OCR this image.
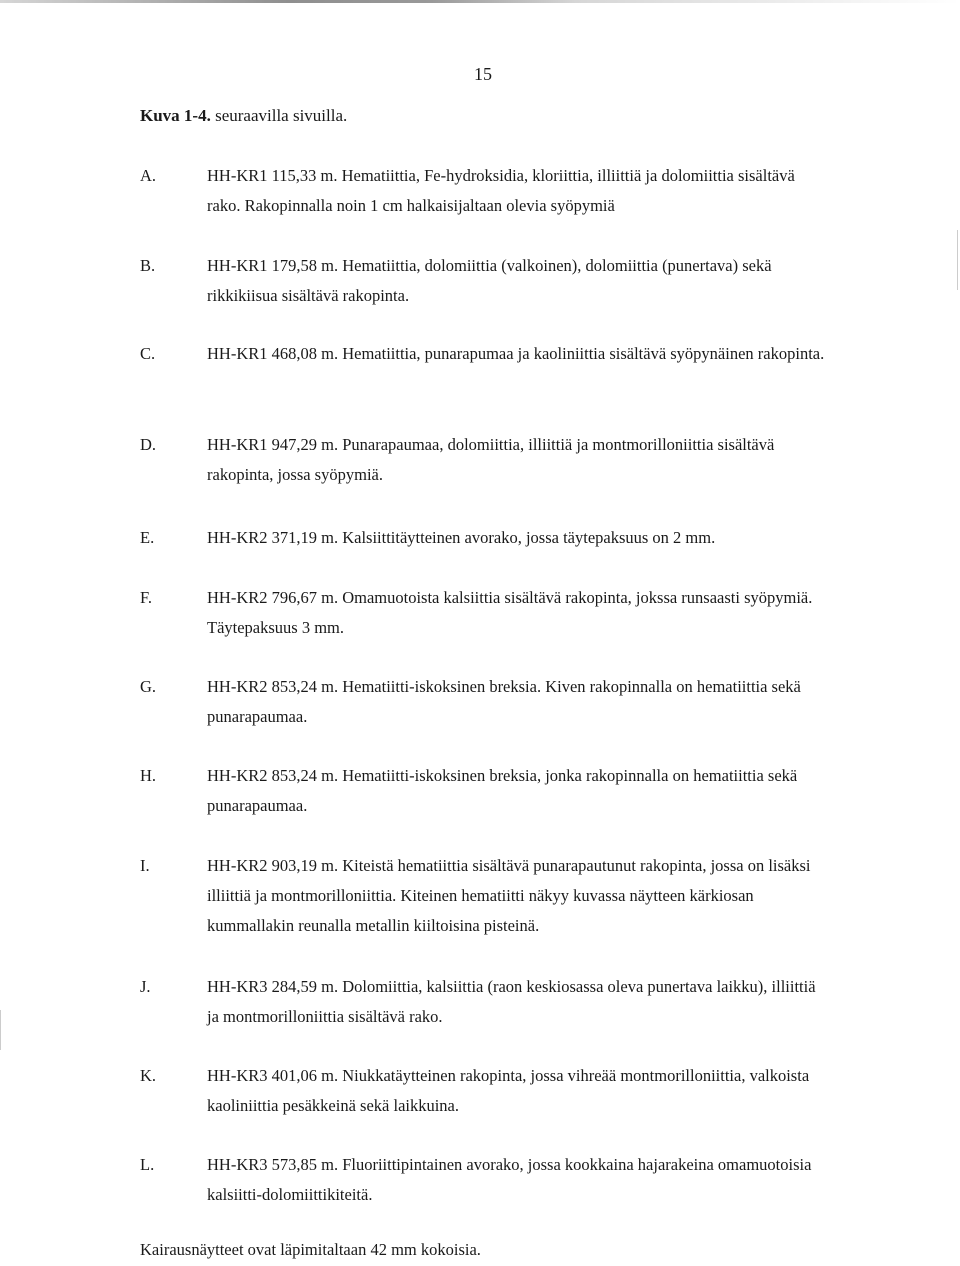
15
Kuva 1-4. seuraavilla sivuilla.
A.	HH-KR1 115,33 m. Hematiittia, Fe-hydroksidia, kloriittia, illiittiä ja dolomiittia sisältävä rako. Rakopinnalla noin 1 cm halkaisijaltaan olevia syöpymiä
B.	HH-KR1 179,58 m. Hematiittia, dolomiittia (valkoinen), dolomiittia (punertava) sekä rikkikiisua sisältävä rakopinta.
C.	HH-KR1 468,08 m. Hematiittia, punarapumaa ja kaoliniittia sisältävä syöpynäinen rakopinta.
D.	HH-KR1 947,29 m. Punarapaumaa, dolomiittia, illiittiä ja montmorilloniittia sisältävä rakopinta, jossa syöpymiä.
E.	HH-KR2 371,19 m. Kalsiittitäytteinen avorako, jossa täytepaksuus on 2 mm.
F.	HH-KR2 796,67 m. Omamuotoista kalsiittia sisältävä rakopinta, jokssa runsaasti syöpymiä. Täytepaksuus 3 mm.
G.	HH-KR2 853,24 m. Hematiitti-iskoksinen breksia. Kiven rakopinnalla on hematiittia sekä punarapaumaa.
H.	HH-KR2 853,24 m. Hematiitti-iskoksinen breksia, jonka rakopinnalla on hematiittia sekä punarapaumaa.
I.	HH-KR2 903,19 m. Kiteistä hematiittia sisältävä punarapautunut rakopinta, jossa on lisäksi illiittiä ja montmorilloniittia. Kiteinen hematiitti näkyy kuvassa näytteen kärkiosan kummallakin reunalla metallin kiiltoisina pisteinä.
J.	HH-KR3 284,59 m. Dolomiittia, kalsiittia (raon keskiosassa oleva punertava laikku), illiittiä ja montmorilloniittia sisältävä rako.
K.	HH-KR3 401,06 m. Niukkatäytteinen rakopinta, jossa vihreää montmorilloniittia, valkoista kaoliniittia pesäkkeinä sekä laikkuina.
L.	HH-KR3 573,85 m. Fluoriittipintainen avorako, jossa kookkaina hajarakeina omamuotoisia kalsiitti-dolomiittikiteitä.
Kairausnäytteet ovat läpimitaltaan 42 mm kokoisia.
